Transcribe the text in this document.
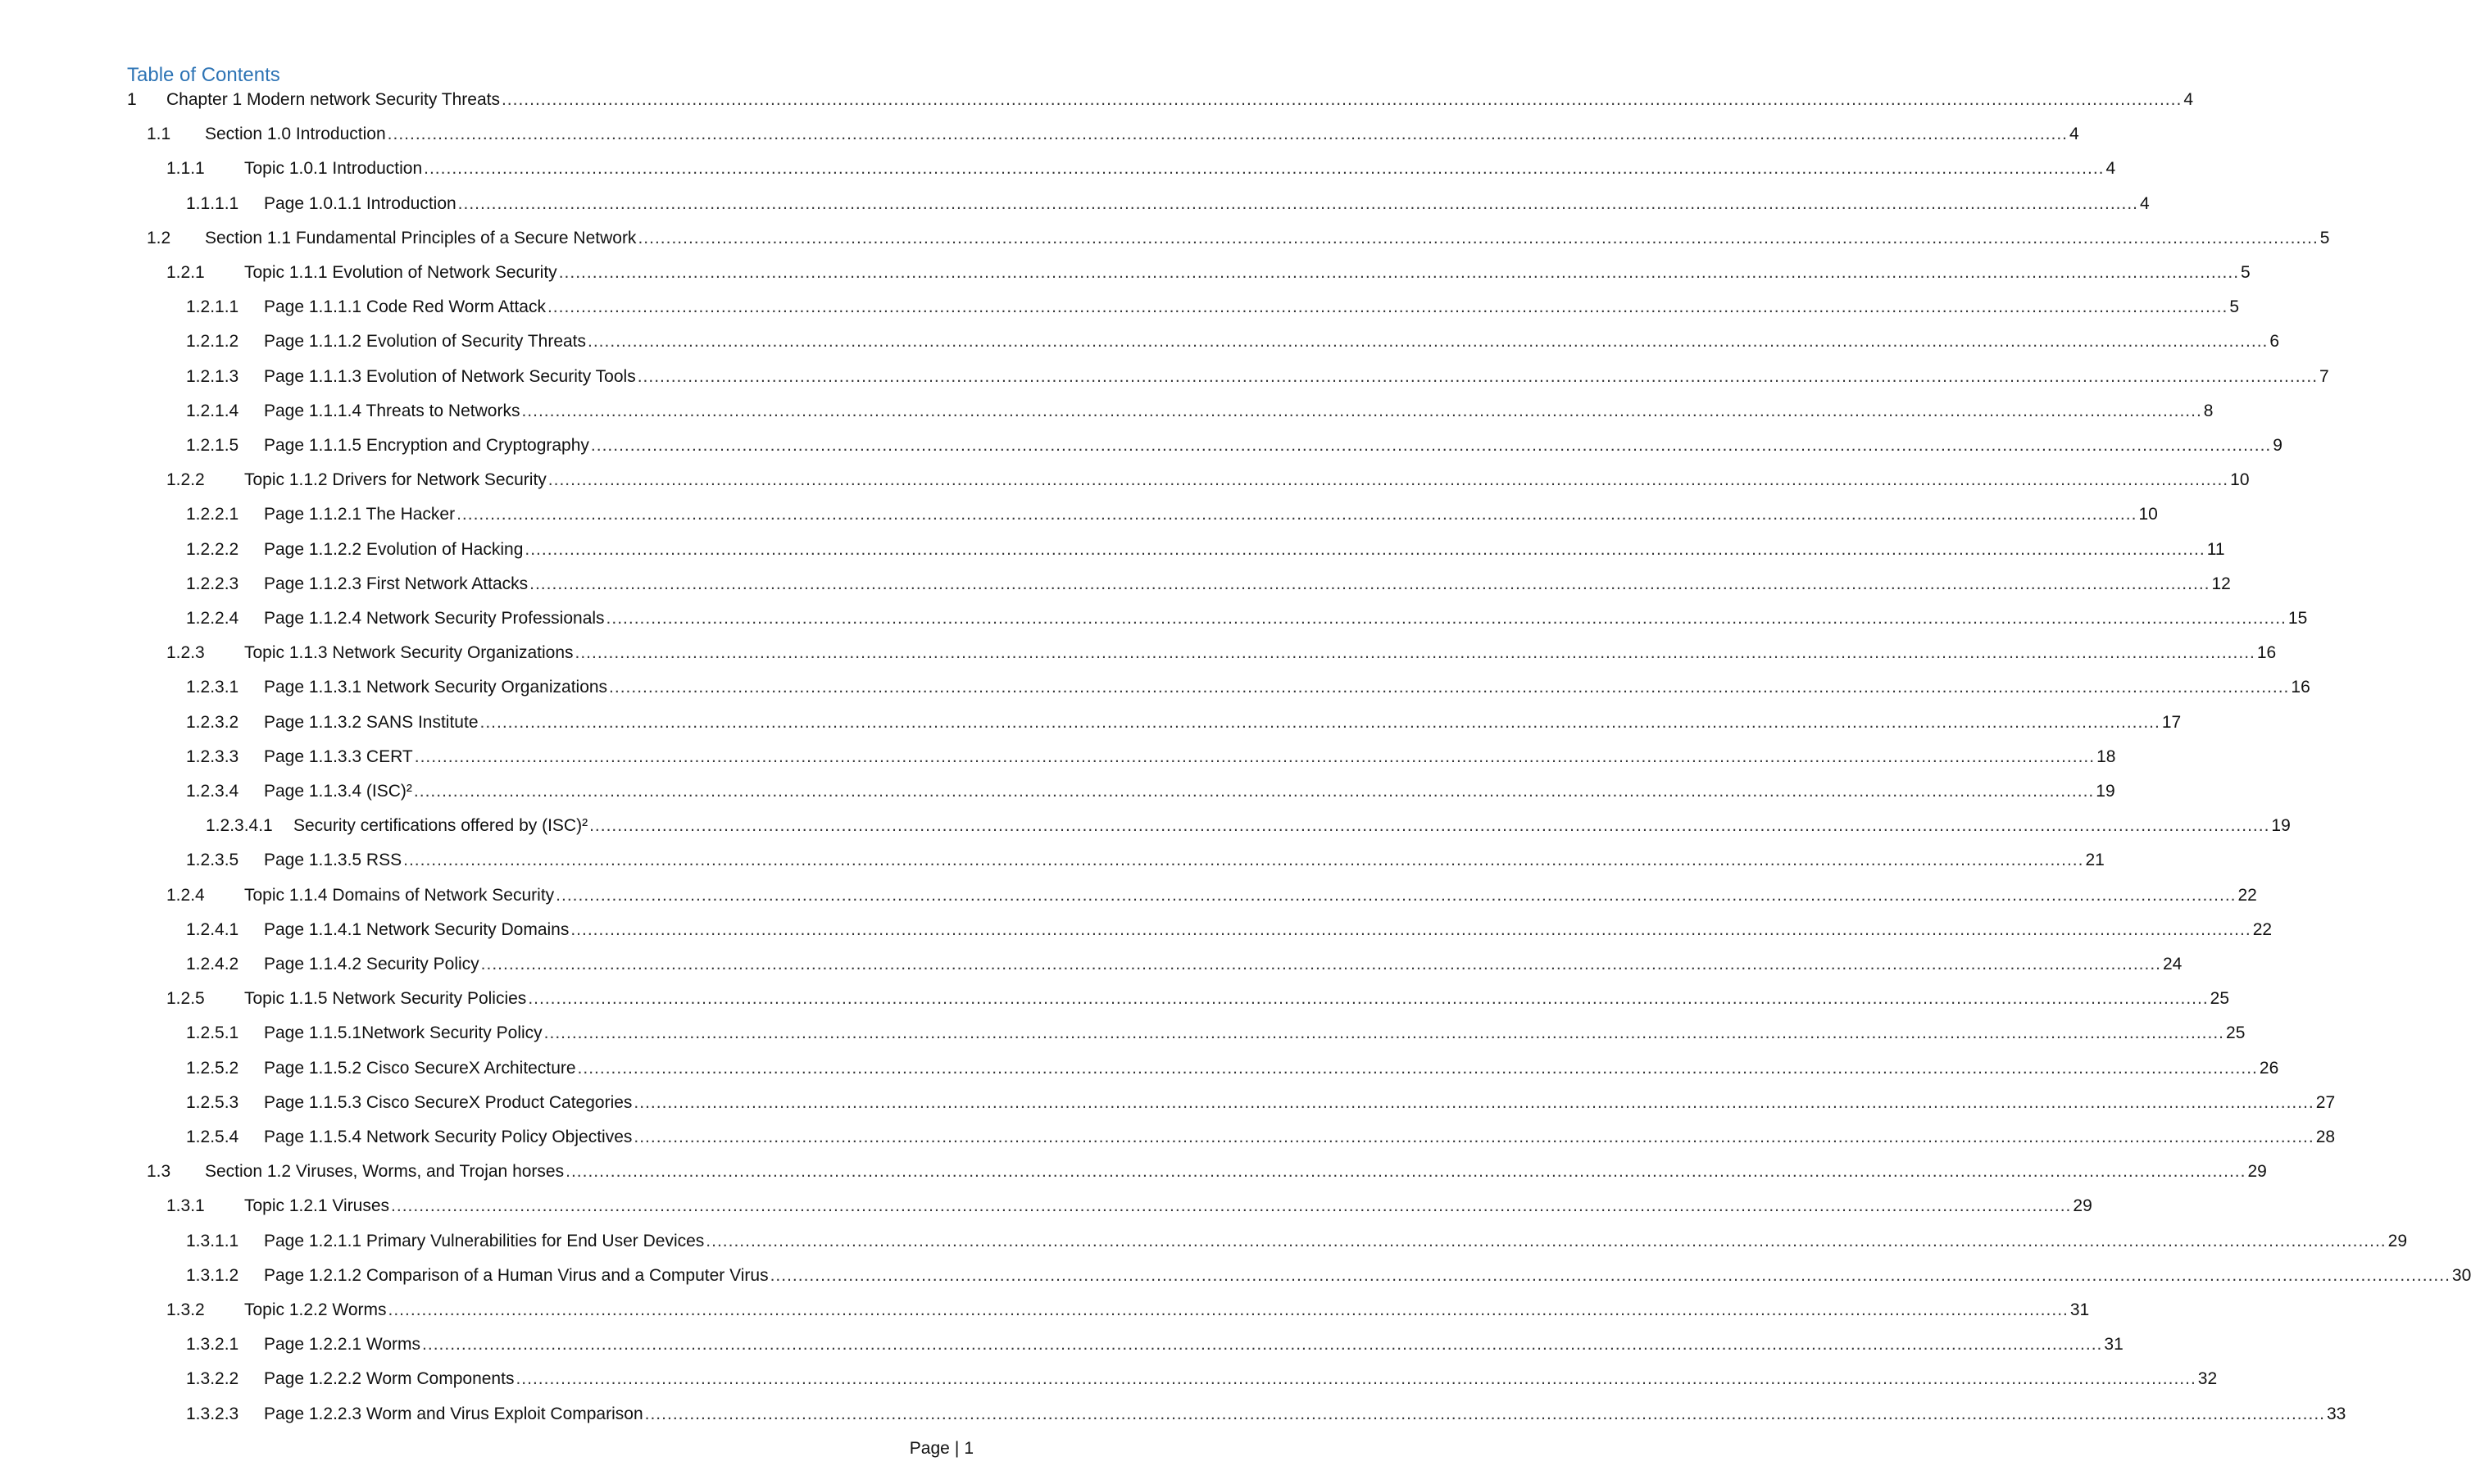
Table of Contents
1 Chapter 1 Modern network Security Threats ............................................................................................................................................................................................................................................................................................................ 4
1.1 Section 1.0 Introduction ............................................................................................................................................................................................................................................................................................................ 4
1.1.1 Topic 1.0.1 Introduction ............................................................................................................................................................................................................................................................................................................ 4
1.1.1.1 Page 1.0.1.1 Introduction ............................................................................................................................................................................................................................................................................................................ 4
1.2 Section 1.1 Fundamental Principles of a Secure Network ............................................................................................................................................................................................................................................................................................................ 5
1.2.1 Topic 1.1.1 Evolution of Network Security ............................................................................................................................................................................................................................................................................................................ 5
1.2.1.1 Page 1.1.1.1 Code Red Worm Attack ............................................................................................................................................................................................................................................................................................................ 5
1.2.1.2 Page 1.1.1.2 Evolution of Security Threats ............................................................................................................................................................................................................................................................................................................ 6
1.2.1.3 Page 1.1.1.3 Evolution of Network Security Tools ............................................................................................................................................................................................................................................................................................................ 7
1.2.1.4 Page 1.1.1.4 Threats to Networks ............................................................................................................................................................................................................................................................................................................ 8
1.2.1.5 Page 1.1.1.5 Encryption and Cryptography ............................................................................................................................................................................................................................................................................................................ 9
1.2.2 Topic 1.1.2 Drivers for Network Security ............................................................................................................................................................................................................................................................................................................ 10
1.2.2.1 Page 1.1.2.1 The Hacker ............................................................................................................................................................................................................................................................................................................ 10
1.2.2.2 Page 1.1.2.2 Evolution of Hacking ............................................................................................................................................................................................................................................................................................................ 11
1.2.2.3 Page 1.1.2.3 First Network Attacks ............................................................................................................................................................................................................................................................................................................ 12
1.2.2.4 Page 1.1.2.4 Network Security Professionals ............................................................................................................................................................................................................................................................................................................ 15
1.2.3 Topic 1.1.3 Network Security Organizations ............................................................................................................................................................................................................................................................................................................ 16
1.2.3.1 Page 1.1.3.1 Network Security Organizations ............................................................................................................................................................................................................................................................................................................ 16
1.2.3.2 Page 1.1.3.2 SANS Institute ............................................................................................................................................................................................................................................................................................................ 17
1.2.3.3 Page 1.1.3.3 CERT ............................................................................................................................................................................................................................................................................................................ 18
1.2.3.4 Page 1.1.3.4 (ISC)² ............................................................................................................................................................................................................................................................................................................ 19
1.2.3.4.1 Security certifications offered by (ISC)² ............................................................................................................................................................................................................................................................................................................ 19
1.2.3.5 Page 1.1.3.5 RSS ............................................................................................................................................................................................................................................................................................................ 21
1.2.4 Topic 1.1.4 Domains of Network Security ............................................................................................................................................................................................................................................................................................................ 22
1.2.4.1 Page 1.1.4.1 Network Security Domains ............................................................................................................................................................................................................................................................................................................ 22
1.2.4.2 Page 1.1.4.2 Security Policy ............................................................................................................................................................................................................................................................................................................ 24
1.2.5 Topic 1.1.5 Network Security Policies ............................................................................................................................................................................................................................................................................................................ 25
1.2.5.1 Page 1.1.5.1Network Security Policy ............................................................................................................................................................................................................................................................................................................ 25
1.2.5.2 Page 1.1.5.2 Cisco SecureX Architecture ............................................................................................................................................................................................................................................................................................................ 26
1.2.5.3 Page 1.1.5.3 Cisco SecureX Product Categories ............................................................................................................................................................................................................................................................................................................ 27
1.2.5.4 Page 1.1.5.4 Network Security Policy Objectives ............................................................................................................................................................................................................................................................................................................ 28
1.3 Section 1.2 Viruses, Worms, and Trojan horses ............................................................................................................................................................................................................................................................................................................ 29
1.3.1 Topic 1.2.1 Viruses ............................................................................................................................................................................................................................................................................................................ 29
1.3.1.1 Page 1.2.1.1 Primary Vulnerabilities for End User Devices ............................................................................................................................................................................................................................................................................................................ 29
1.3.1.2 Page 1.2.1.2 Comparison of a Human Virus and a Computer Virus ............................................................................................................................................................................................................................................................................................................ 30
1.3.2 Topic 1.2.2 Worms ............................................................................................................................................................................................................................................................................................................ 31
1.3.2.1 Page 1.2.2.1 Worms ............................................................................................................................................................................................................................................................................................................ 31
1.3.2.2 Page 1.2.2.2 Worm Components ............................................................................................................................................................................................................................................................................................................ 32
1.3.2.3 Page 1.2.2.3 Worm and Virus Exploit Comparison ............................................................................................................................................................................................................................................................................................................ 33
Page | 1
